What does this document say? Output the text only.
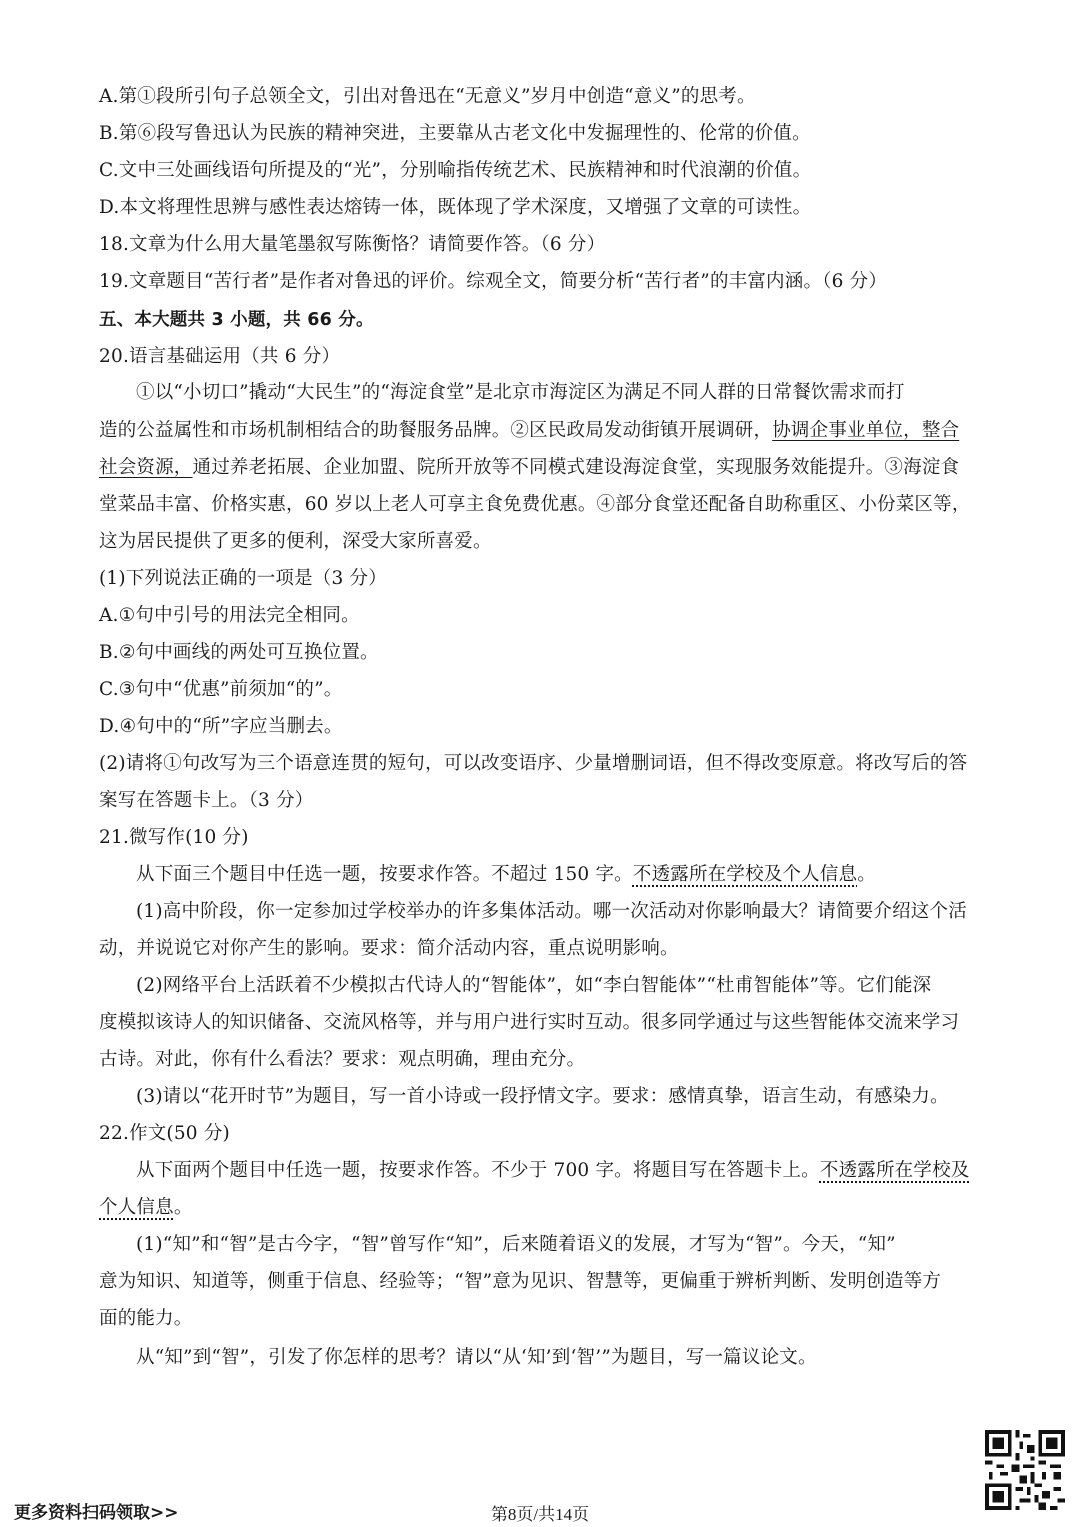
A.第①段所引句子总领全文，引出对鲁迅在“无意义”岁月中创造“意义”的思考。
B.第⑥段写鲁迅认为民族的精神突进，主要靠从古老文化中发掘理性的、伦常的价值。
C.文中三处画线语句所提及的“光”，分别喻指传统艺术、民族精神和时代浪潮的价值。
D.本文将理性思辨与感性表达熔铸一体，既体现了学术深度，又增强了文章的可读性。
18.文章为什么用大量笔墨叙写陈衡恪？请简要作答。（6 分）
19.文章题目“苦行者”是作者对鲁迅的评价。综观全文，简要分析“苦行者”的丰富内涵。（6 分）
五、本大题共 3 小题，共 66 分。
20.语言基础运用（共 6 分）
①以“小切口”撬动“大民生”的“海淀食堂”是北京市海淀区为满足不同人群的日常餐饮需求而打
造的公益属性和市场机制相结合的助餐服务品牌。②区民政局发动街镇开展调研，协调企事业单位，整合
社会资源，通过养老拓展、企业加盟、院所开放等不同模式建设海淀食堂，实现服务效能提升。③海淀食
堂菜品丰富、价格实惠，60 岁以上老人可享主食免费优惠。④部分食堂还配备自助称重区、小份菜区等，
这为居民提供了更多的便利，深受大家所喜爱。
(1)下列说法正确的一项是（3 分）
A.①句中引号的用法完全相同。
B.②句中画线的两处可互换位置。
C.③句中“优惠”前须加“的”。
D.④句中的“所”字应当删去。
(2)请将①句改写为三个语意连贯的短句，可以改变语序、少量增删词语，但不得改变原意。将改写后的答
案写在答题卡上。（3 分）
21.微写作(10 分)
从下面三个题目中任选一题，按要求作答。不超过 150 字。不透露所在学校及个人信息。
(1)高中阶段，你一定参加过学校举办的许多集体活动。哪一次活动对你影响最大？请简要介绍这个活
动，并说说它对你产生的影响。要求：简介活动内容，重点说明影响。
(2)网络平台上活跃着不少模拟古代诗人的“智能体”，如“李白智能体”“杜甫智能体”等。它们能深
度模拟该诗人的知识储备、交流风格等，并与用户进行实时互动。很多同学通过与这些智能体交流来学习
古诗。对此，你有什么看法？要求：观点明确，理由充分。
(3)请以“花开时节”为题目，写一首小诗或一段抒情文字。要求：感情真挚，语言生动，有感染力。
22.作文(50 分)
从下面两个题目中任选一题，按要求作答。不少于 700 字。将题目写在答题卡上。不透露所在学校及
个人信息。
(1)“知”和“智”是古今字，“智”曾写作“知”，后来随着语义的发展，才写为“智”。今天，“知”
意为知识、知道等，侧重于信息、经验等；“智”意为见识、智慧等，更偏重于辨析判断、发明创造等方
面的能力。
从“知”到“智”，引发了你怎样的思考？请以“从‘知’到‘智’”为题目，写一篇议论文。
更多资料扫码领取>>	第8页/共14页
